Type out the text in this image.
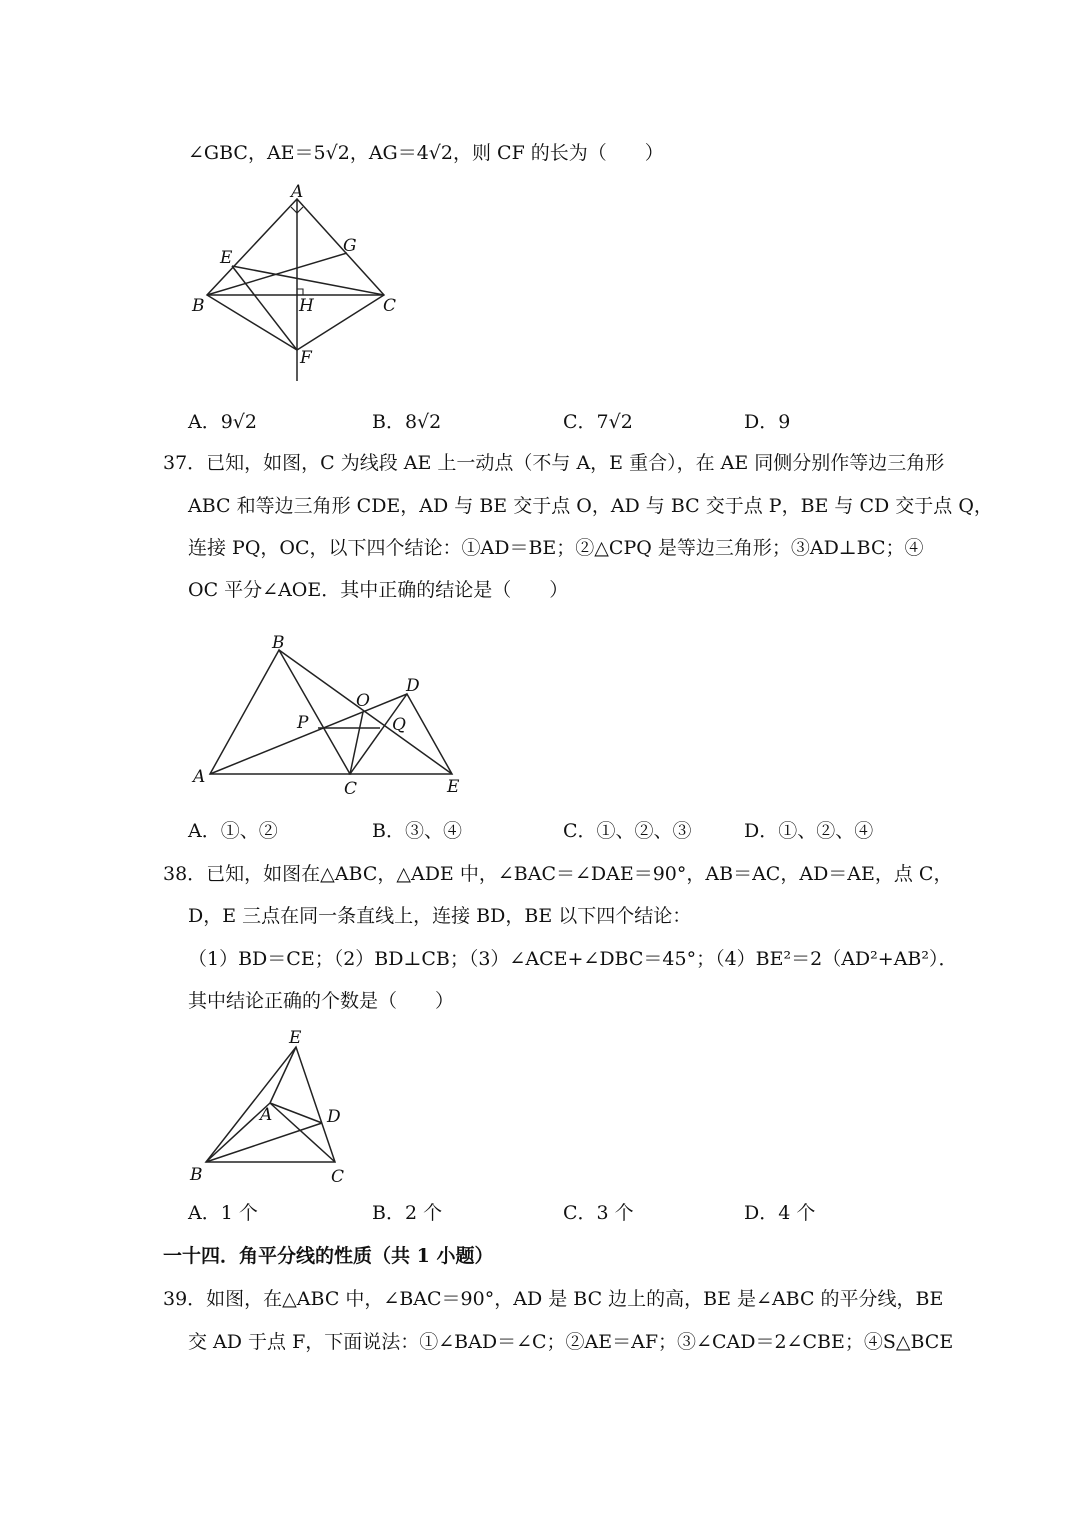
∠GBC，AE＝5√2，AG＝4√2，则 CF 的长为（　　）
A
E
G
B	H	C
F
A．9√2	B．8√2	C．7√2	D．9
37．已知，如图，C 为线段 AE 上一动点（不与 A，E 重合），在 AE 同侧分别作等边三角形
ABC 和等边三角形 CDE，AD 与 BE 交于点 O，AD 与 BC 交于点 P，BE 与 CD 交于点 Q，
连接 PQ，OC，以下四个结论：①AD＝BE；②△CPQ 是等边三角形；③AD⊥BC；④
OC 平分∠AOE．其中正确的结论是（　　）
B
O
D
P	Q
A
C	E
A．①、②	B．③、④	C．①、②、③	D．①、②、④
38．已知，如图在△ABC，△ADE 中，∠BAC＝∠DAE＝90°，AB＝AC，AD＝AE，点 C，
D，E 三点在同一条直线上，连接 BD，BE 以下四个结论：
（1）BD＝CE；（2）BD⊥CB；（3）∠ACE+∠DBC＝45°；（4）BE²＝2（AD²+AB²）．
其中结论正确的个数是（　　）
E
A	D
B	C
A．1 个	B．2 个	C．3 个	D．4 个
一十四．角平分线的性质（共 1 小题）
39．如图，在△ABC 中，∠BAC＝90°，AD 是 BC 边上的高，BE 是∠ABC 的平分线，BE
交 AD 于点 F，下面说法：①∠BAD＝∠C；②AE＝AF；③∠CAD＝2∠CBE；④S△BCE
